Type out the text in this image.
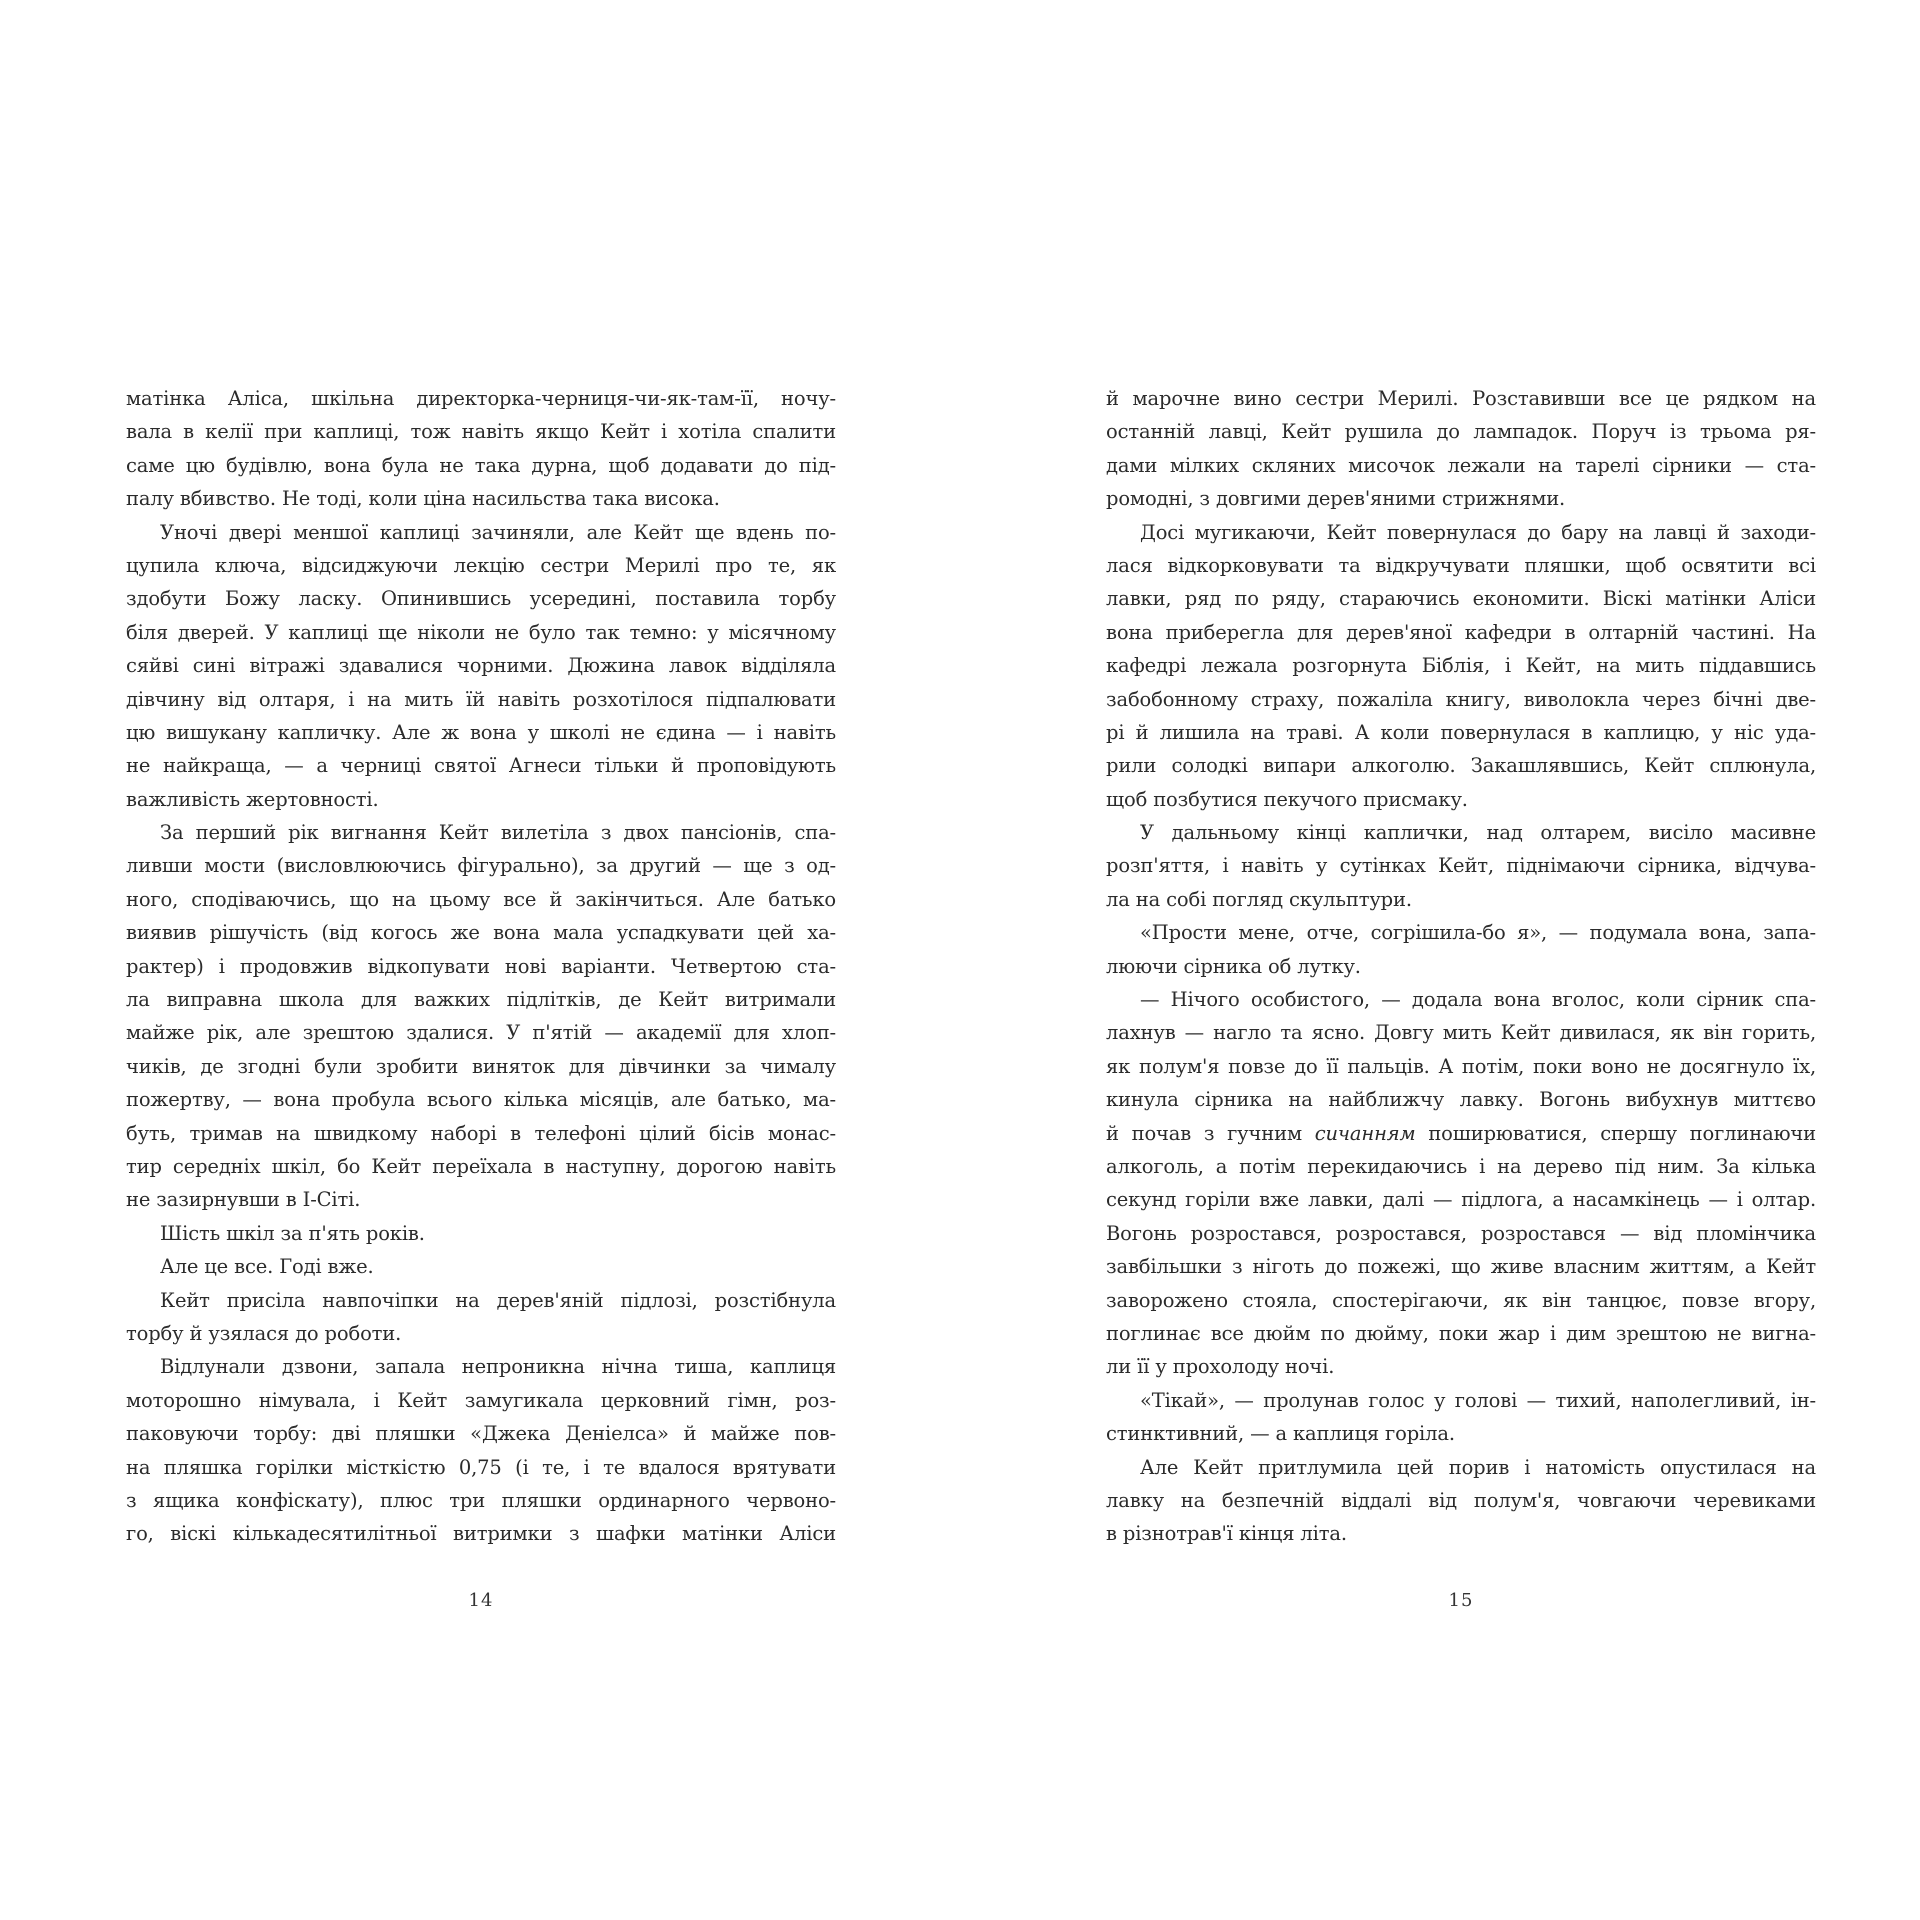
матінка Аліса, шкільна директорка-черниця-чи-як-там-її, ночу-
вала в келії при каплиці, тож навіть якщо Кейт і хотіла спалити
саме цю будівлю, вона була не така дурна, щоб додавати до під-
палу вбивство. Не тоді, коли ціна насильства така висока.
Уночі двері меншої каплиці зачиняли, але Кейт ще вдень по-
цупила ключа, відсиджуючи лекцію сестри Мерилі про те, як
здобути Божу ласку. Опинившись усередині, поставила торбу
біля дверей. У каплиці ще ніколи не було так темно: у місячному
сяйві сині вітражі здавалися чорними. Дюжина лавок відділяла
дівчину від олтаря, і на мить їй навіть розхотілося підпалювати
цю вишукану капличку. Але ж вона у школі не єдина — і навіть
не найкраща, — а черниці святої Агнеси тільки й проповідують
важливість жертовності.
За перший рік вигнання Кейт вилетіла з двох пансіонів, спа-
ливши мости (висловлюючись фігурально), за другий — ще з од-
ного, сподіваючись, що на цьому все й закінчиться. Але батько
виявив рішучість (від когось же вона мала успадкувати цей ха-
рактер) і продовжив відкопувати нові варіанти. Четвертою ста-
ла виправна школа для важких підлітків, де Кейт витримали
майже рік, але зрештою здалися. У п'ятій — академії для хлоп-
чиків, де згодні були зробити виняток для дівчинки за чималу
пожертву, — вона пробула всього кілька місяців, але батько, ма-
буть, тримав на швидкому наборі в телефоні цілий бісів монас-
тир середніх шкіл, бо Кейт переїхала в наступну, дорогою навіть
не зазирнувши в І-Сіті.
Шість шкіл за п'ять років.
Але це все. Годі вже.
Кейт присіла навпочіпки на дерев'яній підлозі, розстібнула
торбу й узялася до роботи.
Відлунали дзвони, запала непроникна нічна тиша, каплиця
моторошно німувала, і Кейт замугикала церковний гімн, роз-
паковуючи торбу: дві пляшки «Джека Деніелса» й майже пов-
на пляшка горілки місткістю 0,75 (і те, і те вдалося врятувати
з ящика конфіскату), плюс три пляшки ординарного червоно-
го, віскі кількадесятилітньої витримки з шафки матінки Аліси
14
й марочне вино сестри Мерилі. Розставивши все це рядком на
останній лавці, Кейт рушила до лампадок. Поруч із трьома ря-
дами мілких скляних мисочок лежали на тарелі сірники — ста-
ромодні, з довгими дерев'яними стрижнями.
Досі мугикаючи, Кейт повернулася до бару на лавці й заходи-
лася відкорковувати та відкручувати пляшки, щоб освятити всі
лавки, ряд по ряду, стараючись економити. Віскі матінки Аліси
вона приберегла для дерев'яної кафедри в олтарній частині. На
кафедрі лежала розгорнута Біблія, і Кейт, на мить піддавшись
забобонному страху, пожаліла книгу, виволокла через бічні две-
рі й лишила на траві. А коли повернулася в каплицю, у ніс уда-
рили солодкі випари алкоголю. Закашлявшись, Кейт сплюнула,
щоб позбутися пекучого присмаку.
У дальньому кінці каплички, над олтарем, висіло масивне
розп'яття, і навіть у сутінках Кейт, піднімаючи сірника, відчува-
ла на собі погляд скульптури.
«Прости мене, отче, согрішила-бо я», — подумала вона, запа-
люючи сірника об лутку.
— Нічого особистого, — додала вона вголос, коли сірник спа-
лахнув — нагло та ясно. Довгу мить Кейт дивилася, як він горить,
як полум'я повзе до її пальців. А потім, поки воно не досягнуло їх,
кинула сірника на найближчу лавку. Вогонь вибухнув миттєво
й почав з гучним сичанням поширюватися, спершу поглинаючи
алкоголь, а потім перекидаючись і на дерево під ним. За кілька
секунд горіли вже лавки, далі — підлога, а насамкінець — і олтар.
Вогонь розростався, розростався, розростався — від пломінчика
завбільшки з ніготь до пожежі, що живе власним життям, а Кейт
заворожено стояла, спостерігаючи, як він танцює, повзе вгору,
поглинає все дюйм по дюйму, поки жар і дим зрештою не вигна-
ли її у прохолоду ночі.
«Тікай», — пролунав голос у голові — тихий, наполегливий, ін-
стинктивний, — а каплиця горіла.
Але Кейт притлумила цей порив і натомість опустилася на
лавку на безпечній віддалі від полум'я, човгаючи черевиками
в різнотрав'ї кінця літа.
15
